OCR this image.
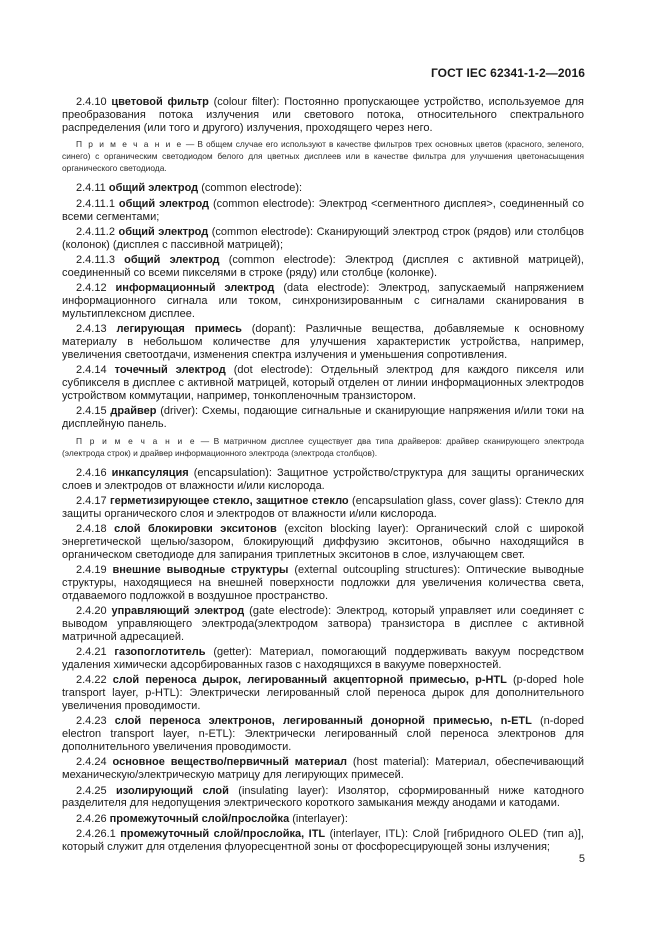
ГОСТ IEC 62341-1-2—2016
2.4.10 цветовой фильтр (colour filter): Постоянно пропускающее устройство, используемое для преобразования потока излучения или светового потока, относительного спектрального распределения (или того и другого) излучения, проходящего через него.
П р и м е ч а н и е — В общем случае его используют в качестве фильтров трех основных цветов (красного, зеленого, синего) с органическим светодиодом белого для цветных дисплеев или в качестве фильтра для улучшения цветонасыщения органического светодиода.
2.4.11 общий электрод (common electrode):
2.4.11.1 общий электрод (common electrode): Электрод <сегментного дисплея>, соединенный со всеми сегментами;
2.4.11.2 общий электрод (common electrode): Сканирующий электрод строк (рядов) или столбцов (колонок) (дисплея с пассивной матрицей);
2.4.11.3 общий электрод (common electrode): Электрод (дисплея с активной матрицей), соединенный со всеми пикселями в строке (ряду) или столбце (колонке).
2.4.12 информационный электрод (data electrode): Электрод, запускаемый напряжением информационного сигнала или током, синхронизированным с сигналами сканирования в мультиплексном дисплее.
2.4.13 легирующая примесь (dopant): Различные вещества, добавляемые к основному материалу в небольшом количестве для улучшения характеристик устройства, например, увеличения светоотдачи, изменения спектра излучения и уменьшения сопротивления.
2.4.14 точечный электрод (dot electrode): Отдельный электрод для каждого пикселя или субпикселя в дисплее с активной матрицей, который отделен от линии информационных электродов устройством коммутации, например, тонкопленочным транзистором.
2.4.15 драйвер (driver): Схемы, подающие сигнальные и сканирующие напряжения и/или токи на дисплейную панель.
П р и м е ч а н и е — В матричном дисплее существует два типа драйверов: драйвер сканирующего электрода (электрода строк) и драйвер информационного электрода (электрода столбцов).
2.4.16 инкапсуляция (encapsulation): Защитное устройство/структура для защиты органических слоев и электродов от влажности и/или кислорода.
2.4.17 герметизирующее стекло, защитное стекло (encapsulation glass, cover glass): Стекло для защиты органического слоя и электродов от влажности и/или кислорода.
2.4.18 слой блокировки экситонов (exciton blocking layer): Органический слой с широкой энергетической щелью/зазором, блокирующий диффузию экситонов, обычно находящийся в органическом светодиоде для запирания триплетных экситонов в слое, излучающем свет.
2.4.19 внешние выводные структуры (external outcoupling structures): Оптические выводные структуры, находящиеся на внешней поверхности подложки для увеличения количества света, отдаваемого подложкой в воздушное пространство.
2.4.20 управляющий электрод (gate electrode): Электрод, который управляет или соединяет с выводом управляющего электрода(электродом затвора) транзистора в дисплее с активной матричной адресацией.
2.4.21 газопоглотитель (getter): Материал, помогающий поддерживать вакуум посредством удаления химически адсорбированных газов с находящихся в вакууме поверхностей.
2.4.22 слой переноса дырок, легированный акцепторной примесью, p-HTL (p-doped hole transport layer, p-HTL): Электрически легированный слой переноса дырок для дополнительного увеличения проводимости.
2.4.23 слой переноса электронов, легированный донорной примесью, n-ETL (n-doped electron transport layer, n-ETL): Электрически легированный слой переноса электронов для дополнительного увеличения проводимости.
2.4.24 основное вещество/первичный материал (host material): Материал, обеспечивающий механическую/электрическую матрицу для легирующих примесей.
2.4.25 изолирующий слой (insulating layer): Изолятор, сформированный ниже катодного разделителя для недопущения электрического короткого замыкания между анодами и катодами.
2.4.26 промежуточный слой/прослойка (interlayer):
2.4.26.1 промежуточный слой/прослойка, ITL (interlayer, ITL): Слой [гибридного OLED (тип а)], который служит для отделения флуоресцентной зоны от фосфоресцирующей зоны излучения;
5
